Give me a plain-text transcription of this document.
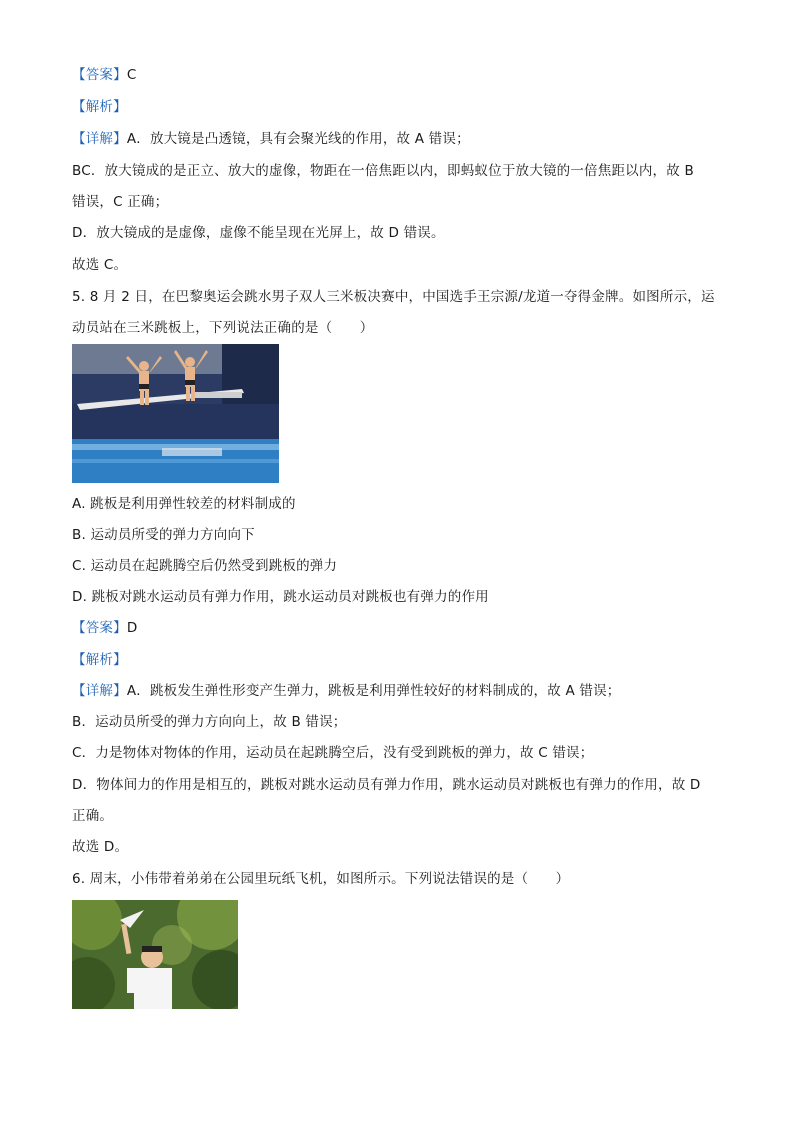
【答案】C
【解析】
【详解】A．放大镜是凸透镜，具有会聚光线的作用，故 A 错误；
BC．放大镜成的是正立、放大的虚像，物距在一倍焦距以内，即蚂蚁位于放大镜的一倍焦距以内，故 B
错误，C 正确；
D．放大镜成的是虚像，虚像不能呈现在光屏上，故 D 错误。
故选 C。
5. 8 月 2 日，在巴黎奥运会跳水男子双人三米板决赛中，中国选手王宗源/龙道一夺得金牌。如图所示，运
动员站在三米跳板上，下列说法正确的是（　　）
A. 跳板是利用弹性较差的材料制成的
B. 运动员所受的弹力方向向下
C. 运动员在起跳腾空后仍然受到跳板的弹力
D. 跳板对跳水运动员有弹力作用，跳水运动员对跳板也有弹力的作用
【答案】D
【解析】
【详解】A．跳板发生弹性形变产生弹力，跳板是利用弹性较好的材料制成的，故 A 错误；
B．运动员所受的弹力方向向上，故 B 错误；
C．力是物体对物体的作用，运动员在起跳腾空后，没有受到跳板的弹力，故 C 错误；
D．物体间力的作用是相互的，跳板对跳水运动员有弹力作用，跳水运动员对跳板也有弹力的作用，故 D
正确。
故选 D。
6. 周末，小伟带着弟弟在公园里玩纸飞机，如图所示。下列说法错误的是（　　）
